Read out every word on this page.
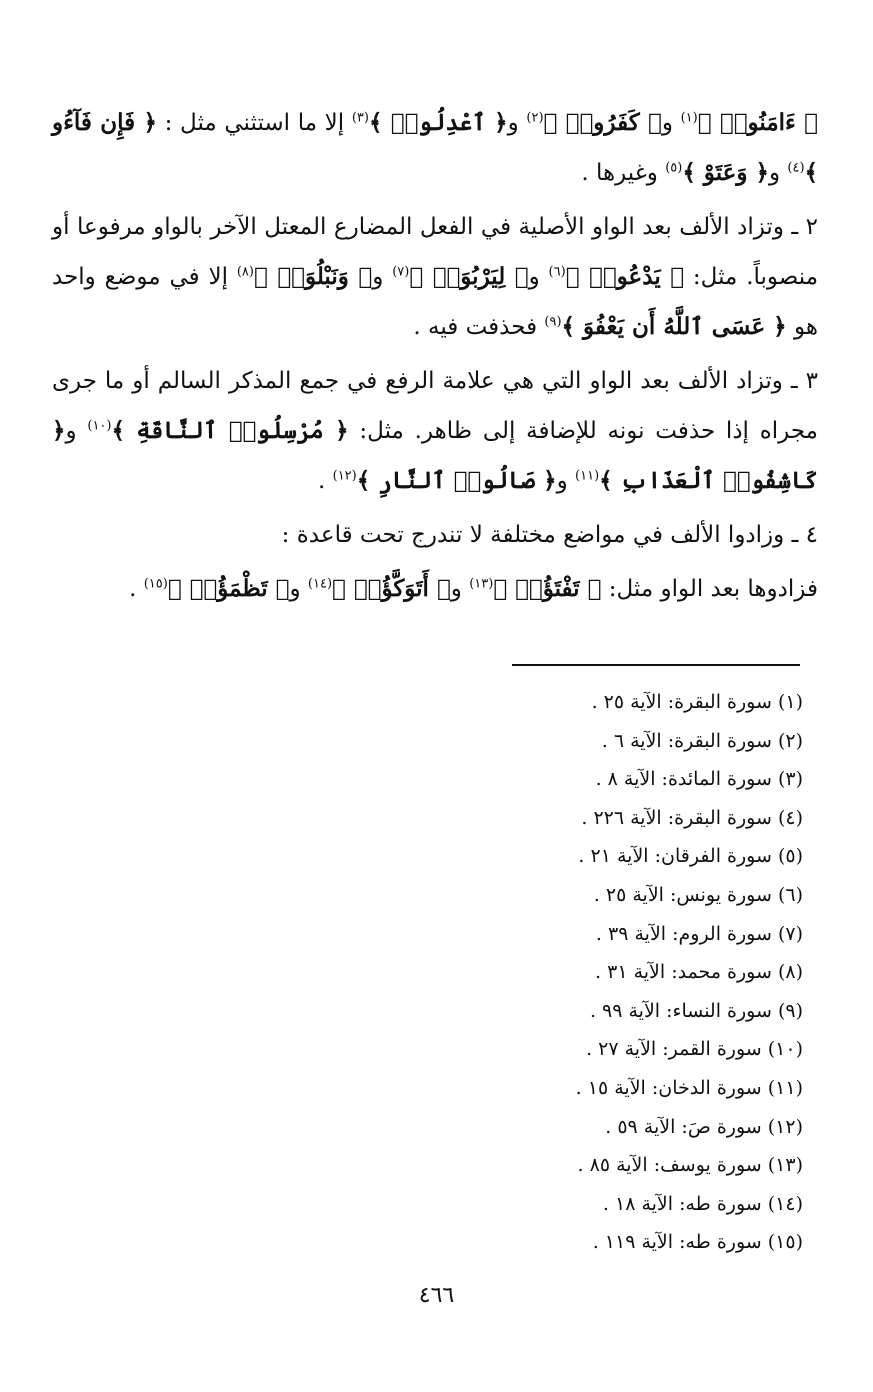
﴿ ءَامَنُوا۟ ﴾$^{(١)}$ و﴿ كَفَرُوا۟ ﴾$^{(٢)}$ و﴿ ٱعْدِلُوا۟ ﴾$^{(٣)}$ إلا ما استثني مثل : ﴿ فَإِن فَآءُو ﴾$^{(٤)}$ و﴿ وَعَتَوْ ﴾$^{(٥)}$ وغيرها .

٢ ـ وتزاد الألف بعد الواو الأصلية في الفعل المضارع المعتل الآخر بالواو مرفوعا أو منصوباً. مثل: ﴿ يَدْعُوا۟ ﴾$^{(٦)}$ و﴿ لِيَرْبُوَا۟ ﴾$^{(٧)}$ و﴿ وَنَبْلُوَا۟ ﴾$^{(٨)}$ إلا في موضع واحد هو ﴿ عَسَى ٱللَّهُ أَن يَعْفُوَ ﴾$^{(٩)}$ فحذفت فيه .

٣ ـ وتزاد الألف بعد الواو التي هي علامة الرفع في جمع المذكر السالم أو ما جرى مجراه إذا حذفت نونه للإضافة إلى ظاهر. مثل: ﴿ مُرْسِلُوا۟ ٱلنَّاقَةِ ﴾$^{(١٠)}$ و﴿ كَاشِفُوا۟ ٱلْعَذَابِ ﴾$^{(١١)}$ و﴿ صَالُوا۟ ٱلنَّارِ ﴾$^{(١٢)}$ .

٤ ـ وزادوا الألف في مواضع مختلفة لا تندرج تحت قاعدة :

فزادوها بعد الواو مثل: ﴿ تَفْتَؤُا۟ ﴾$^{(١٣)}$ و﴿ أَتَوَكَّؤُا۟ ﴾$^{(١٤)}$ و﴿ تَظْمَؤُا۟ ﴾$^{(١٥)}$ .

(١) سورة البقرة: الآية ٢٥ .
(٢) سورة البقرة: الآية ٦ .
(٣) سورة المائدة: الآية ٨ .
(٤) سورة البقرة: الآية ٢٢٦ .
(٥) سورة الفرقان: الآية ٢١ .
(٦) سورة يونس: الآية ٢٥ .
(٧) سورة الروم: الآية ٣٩ .
(٨) سورة محمد: الآية ٣١ .
(٩) سورة النساء: الآية ٩٩ .
(١٠) سورة القمر: الآية ٢٧ .
(١١) سورة الدخان: الآية ١٥ .
(١٢) سورة صَ: الآية ٥٩ .
(١٣) سورة يوسف: الآية ٨٥ .
(١٤) سورة طه: الآية ١٨ .
(١٥) سورة طه: الآية ١١٩ .
٤٦٦
